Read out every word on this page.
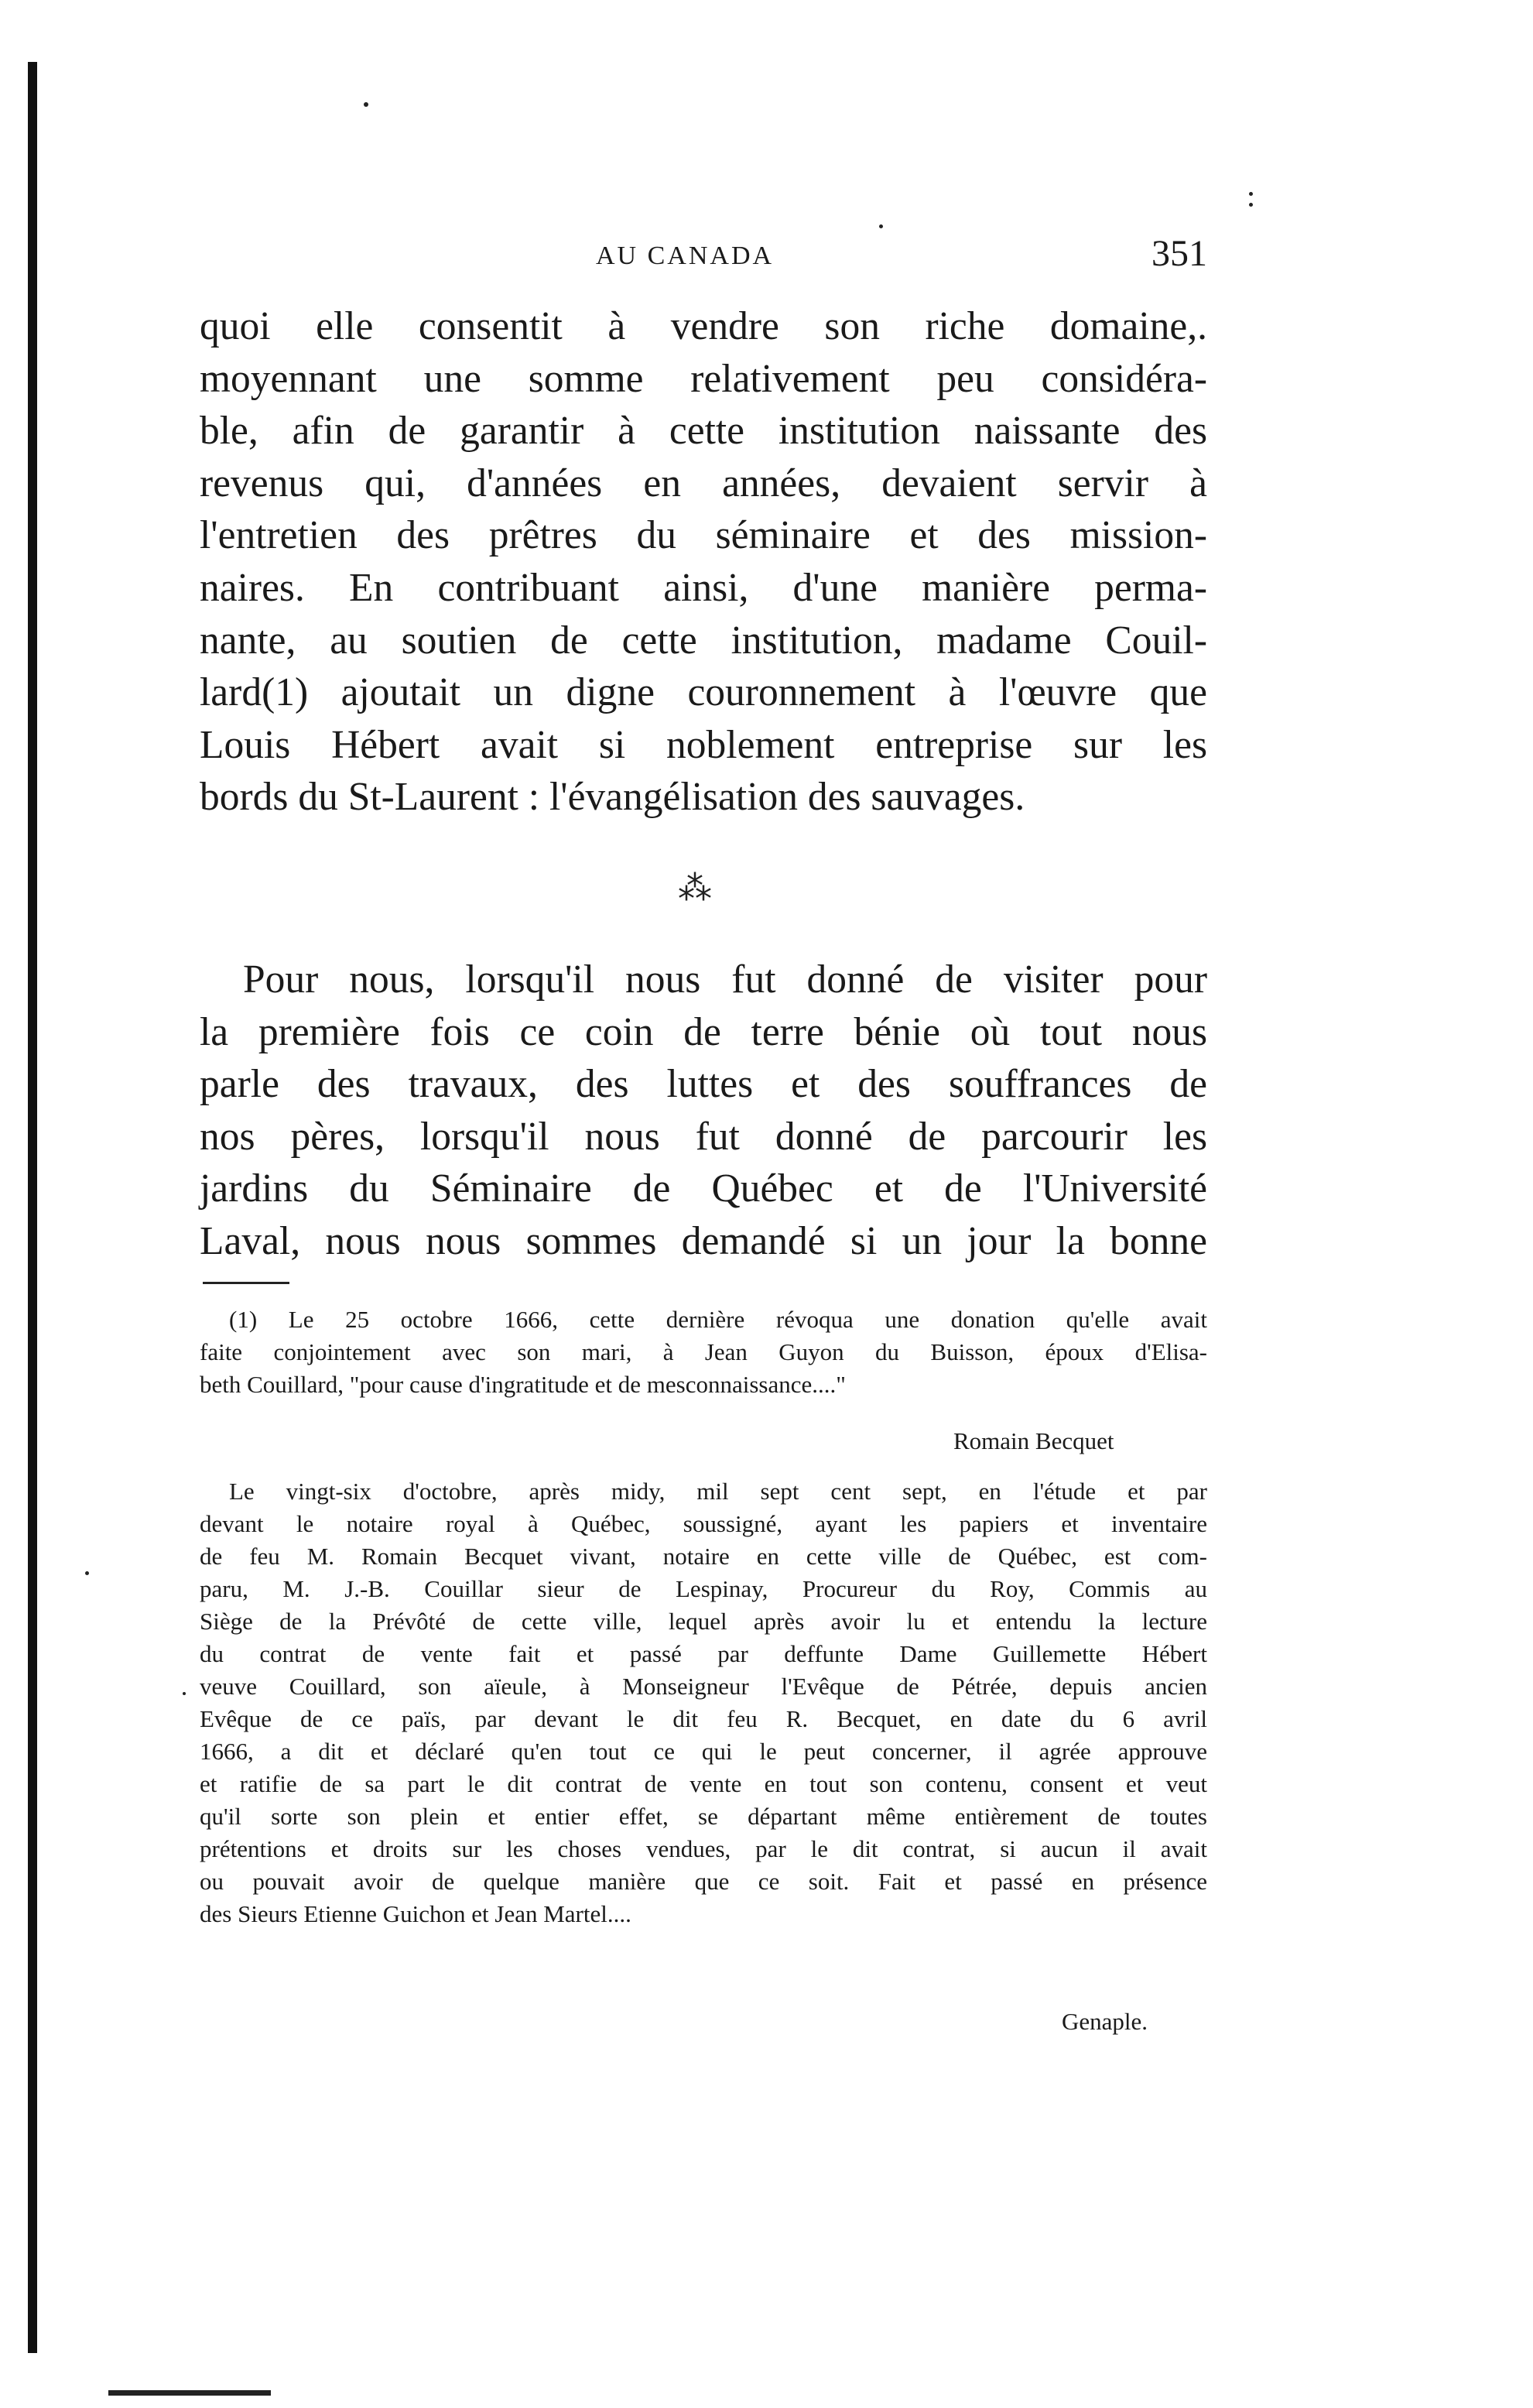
AU CANADA	351
quoi elle consentit à vendre son riche domaine,.
moyennant une somme relativement peu considéra-
ble, afin de garantir à cette institution naissante des
revenus qui, d'années en années, devaient servir à
l'entretien des prêtres du séminaire et des mission-
naires. En contribuant ainsi, d'une manière perma-
nante, au soutien de cette institution, madame Couil-
lard(1) ajoutait un digne couronnement à l'œuvre que
Louis Hébert avait si noblement entreprise sur les
bords du St-Laurent : l'évangélisation des sauvages.
⁂
Pour nous, lorsqu'il nous fut donné de visiter pour
la première fois ce coin de terre bénie où tout nous
parle des travaux, des luttes et des souffrances de
nos pères, lorsqu'il nous fut donné de parcourir les
jardins du Séminaire de Québec et de l'Université
Laval, nous nous sommes demandé si un jour la bonne
(1) Le 25 octobre 1666, cette dernière révoqua une donation qu'elle avait
faite conjointement avec son mari, à Jean Guyon du Buisson, époux d'Elisa-
beth Couillard, "pour cause d'ingratitude et de mesconnaissance...."
Romain Becquet
Le vingt-six d'octobre, après midy, mil sept cent sept, en l'étude et par
devant le notaire royal à Québec, soussigné, ayant les papiers et inventaire
de feu M. Romain Becquet vivant, notaire en cette ville de Québec, est com-
paru, M. J.-B. Couillar sieur de Lespinay, Procureur du Roy, Commis au
Siège de la Prévôté de cette ville, lequel après avoir lu et entendu la lecture
du contrat de vente fait et passé par deffunte Dame Guillemette Hébert
veuve Couillard, son aïeule, à Monseigneur l'Evêque de Pétrée, depuis ancien
Evêque de ce païs, par devant le dit feu R. Becquet, en date du 6 avril
1666, a dit et déclaré qu'en tout ce qui le peut concerner, il agrée approuve
et ratifie de sa part le dit contrat de vente en tout son contenu, consent et veut
qu'il sorte son plein et entier effet, se départant même entièrement de toutes
prétentions et droits sur les choses vendues, par le dit contrat, si aucun il avait
ou pouvait avoir de quelque manière que ce soit. Fait et passé en présence
des Sieurs Etienne Guichon et Jean Martel....
Genaple.
